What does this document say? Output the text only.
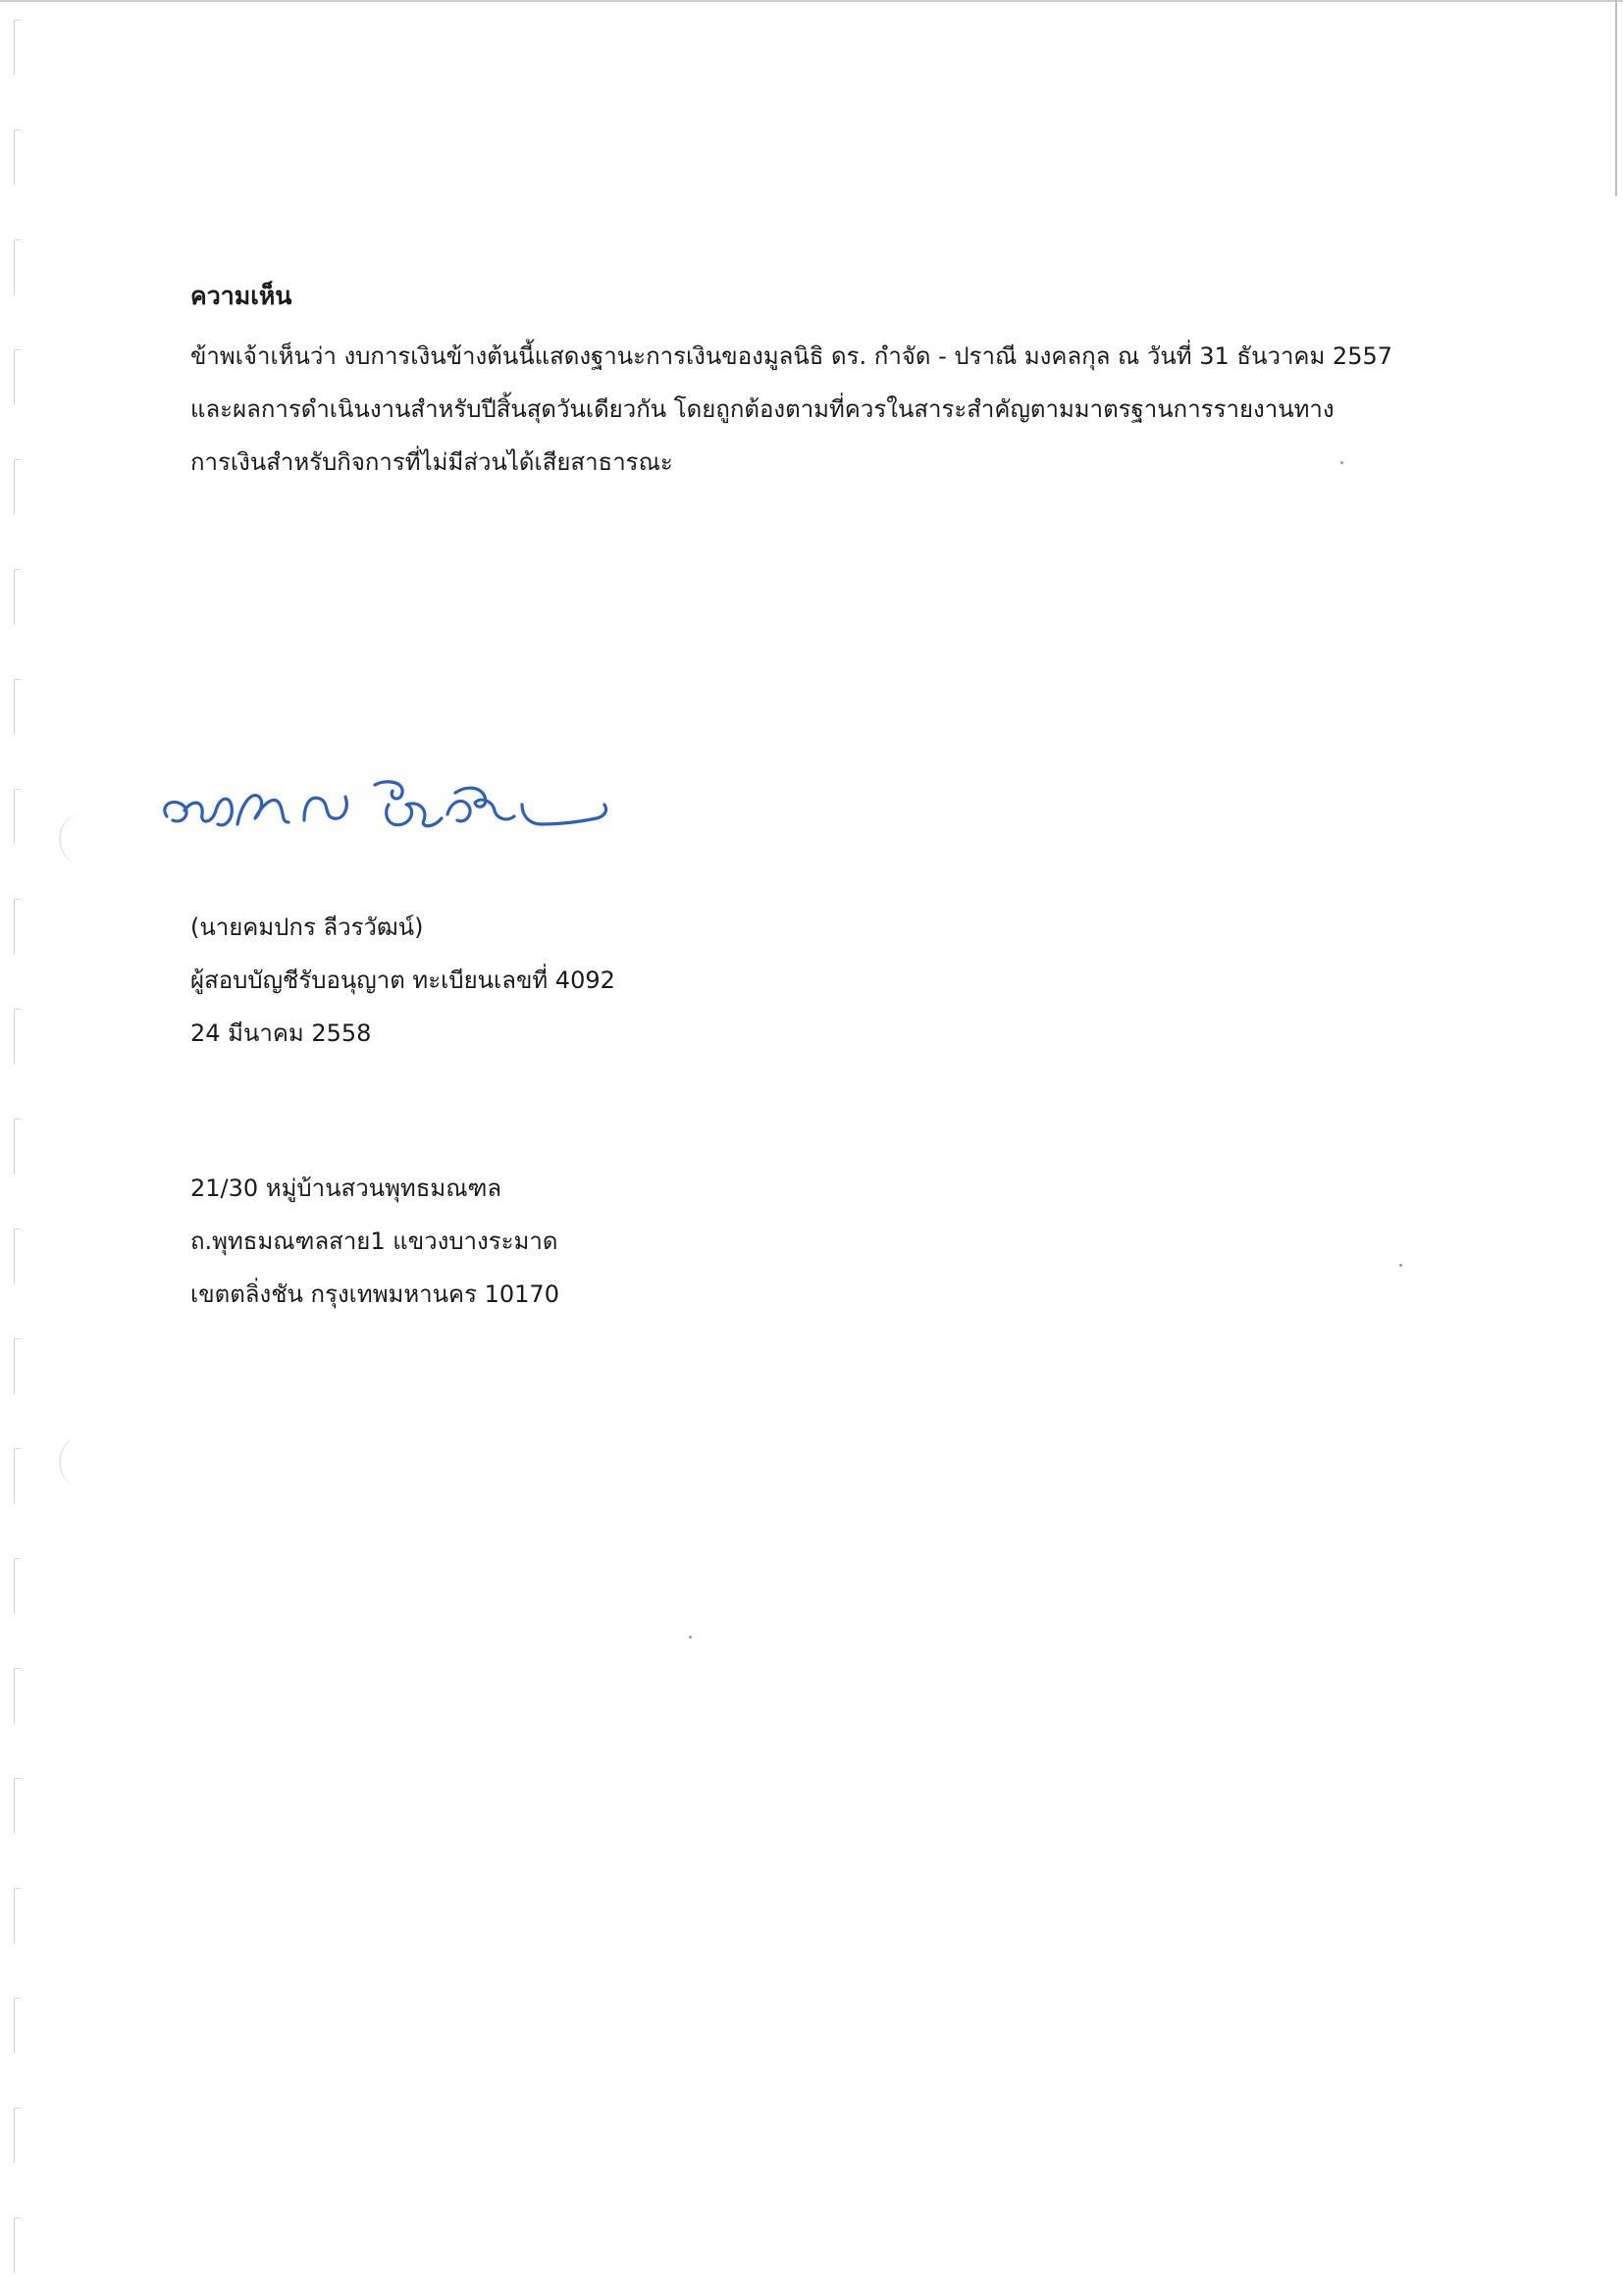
ความเห็น

ข้าพเจ้าเห็นว่า งบการเงินข้างต้นนี้แสดงฐานะการเงินของมูลนิธิ ดร. กำจัด - ปราณี มงคลกุล ณ วันที่ 31 ธันวาคม 2557
และผลการดำเนินงานสำหรับปีสิ้นสุดวันเดียวกัน โดยถูกต้องตามที่ควรในสาระสำคัญตามมาตรฐานการรายงานทาง
การเงินสำหรับกิจการที่ไม่มีส่วนได้เสียสาธารณะ

(นายคมปกร ลีวรวัฒน์)
ผู้สอบบัญชีรับอนุญาต ทะเบียนเลขที่ 4092
24 มีนาคม 2558
21/30 หมู่บ้านสวนพุทธมณฑล
ถ.พุทธมณฑลสาย1 แขวงบางระมาด
เขตตลิ่งชัน กรุงเทพมหานคร 10170
